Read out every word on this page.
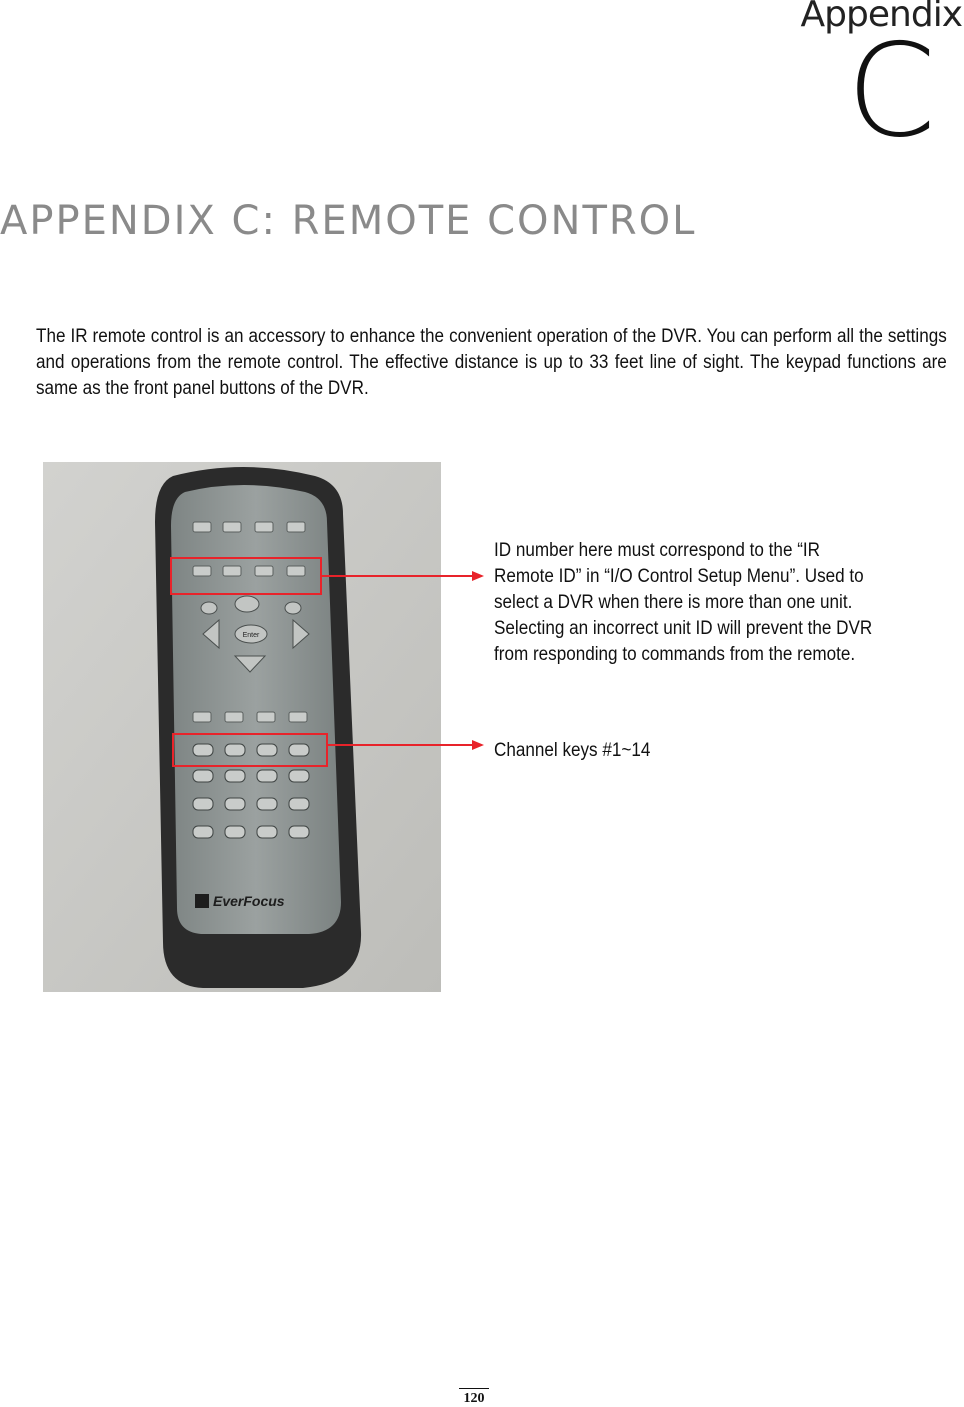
Appendix
C
APPENDIX C: REMOTE CONTROL
The IR remote control is an accessory to enhance the convenient operation of the DVR. You can perform all the settings and operations from the remote control. The effective distance is up to 33 feet line of sight. The keypad functions are same as the front panel buttons of the DVR.
Enter
EverFocus
ID number here must correspond to the “IR
Remote ID” in “I/O Control Setup Menu”. Used to
select a DVR when there is more than one unit.
Selecting an incorrect unit ID will prevent the DVR
from responding to commands from the remote.
Channel keys #1~14
120
